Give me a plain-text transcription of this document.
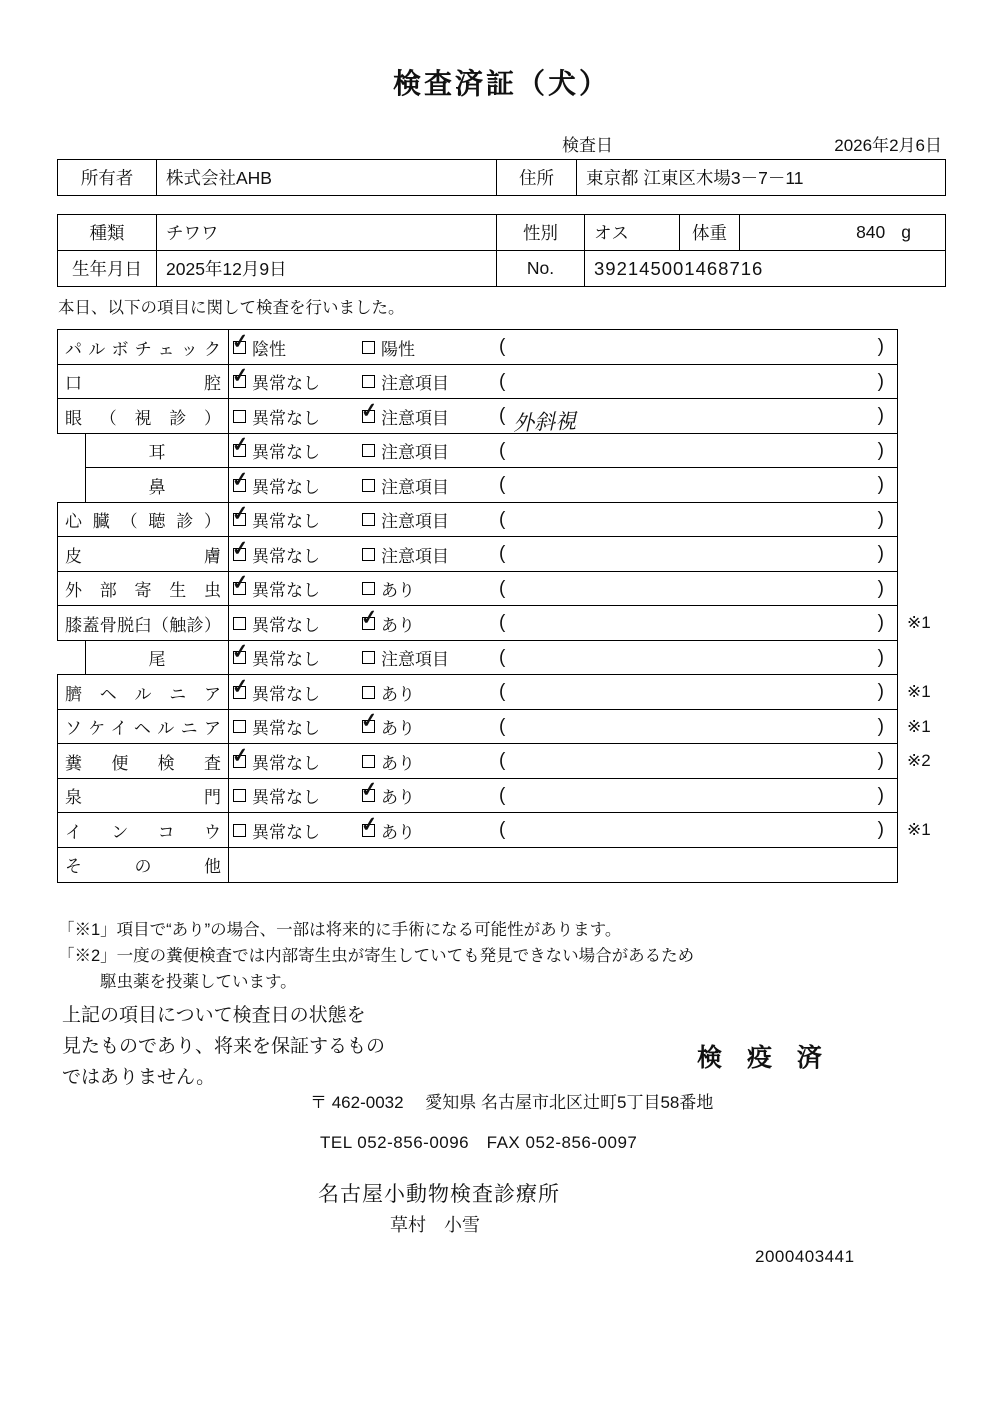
検査済証（犬）
検査日	2026年2月6日
所有者	株式会社AHB	住所	東京都 江東区木場3－7－11
種類	チワワ	性別	オス	体重	840 g
生年月日	2025年12月9日	No.	392145001468716
本日、以下の項目に関して検査を行いました。
パルボチェック ✓ 陰性	陽性	(	)
口腔 ✓ 異常なし	注意項目	(	)
眼（視診） 異常なし ✓ 注意項目	( 外斜視	)
耳	✓ 異常なし	注意項目	(	)
鼻	✓ 異常なし	注意項目	(	)
心臓（聴診） ✓ 異常なし	注意項目	(	)
皮膚 ✓ 異常なし	注意項目	(	)
外部寄生虫 ✓ 異常なし	あり	(	)
膝蓋骨脱臼（触診） 異常なし ✓ あり	(	)	※1
尾	✓ 異常なし	注意項目	(	)
臍ヘルニア ✓ 異常なし	あり	(	)	※1
ソケイヘルニア 異常なし ✓ あり	(	)	※1
糞便検査 ✓ 異常なし	あり	(	)	※2
泉門 異常なし ✓ あり	(	)
インコウ 異常なし ✓ あり	(	)	※1
その他
「※1」項目で“あり”の場合、一部は将来的に手術になる可能性があります。
「※2」一度の糞便検査では内部寄生虫が寄生していても発見できない場合があるため
駆虫薬を投薬しています。
上記の項目について検査日の状態を
見たものであり、将来を保証するもの
ではありません。
検 疫 済
〒 462-0032　 愛知県 名古屋市北区辻町5丁目58番地
TEL 052-856-0096　FAX 052-856-0097
名古屋小動物検査診療所
草村　小雪
2000403441
